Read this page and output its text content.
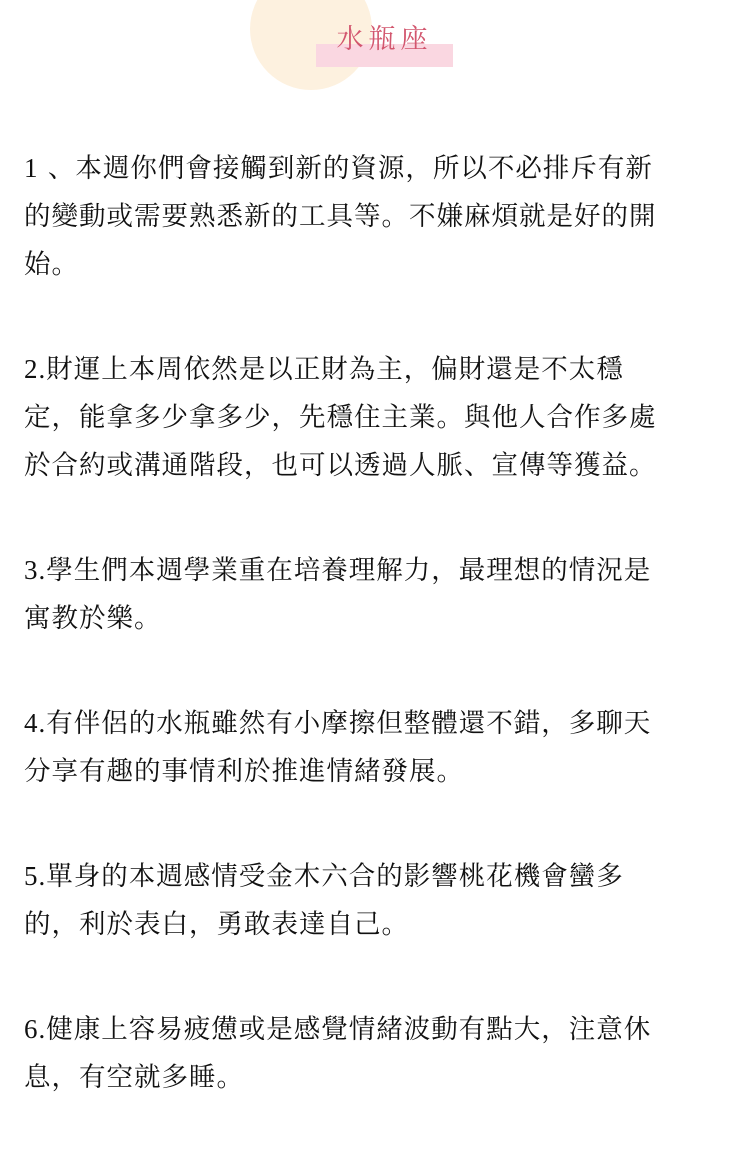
水瓶座
1 、本週你們會接觸到新的資源，所以不必排斥有新
的變動或需要熟悉新的工具等。不嫌麻煩就是好的開
始。
2.財運上本周依然是以正財為主，偏財還是不太穩
定，能拿多少拿多少，先穩住主業。與他人合作多處
於合約或溝通階段，也可以透過人脈、宣傳等獲益。
3.學生們本週學業重在培養理解力，最理想的情況是
寓教於樂。
4.有伴侶的水瓶雖然有小摩擦但整體還不錯，多聊天
分享有趣的事情利於推進情緒發展。
5.單身的本週感情受金木六合的影響桃花機會蠻多
的，利於表白，勇敢表達自己。
6.健康上容易疲憊或是感覺情緒波動有點大，注意休
息，有空就多睡。
